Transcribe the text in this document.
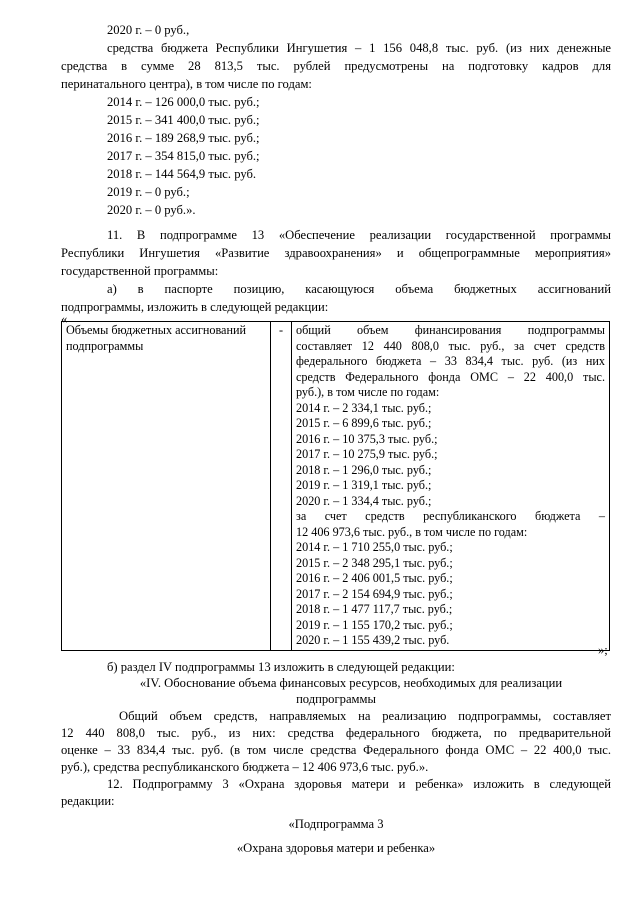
2020 г. – 0 руб.,
средства бюджета Республики Ингушетия – 1 156 048,8 тыс. руб. (из них денежные
средства в сумме 28 813,5 тыс. рублей предусмотрены на подготовку кадров для
перинатального центра), в том числе по годам:
2014 г. – 126 000,0 тыс. руб.;
2015 г. – 341 400,0 тыс. руб.;
2016 г. – 189 268,9 тыс. руб.;
2017 г. – 354 815,0 тыс. руб.;
2018 г. – 144 564,9 тыс. руб.
2019 г. – 0 руб.;
2020 г. – 0 руб.».
11. В подпрограмме 13 «Обеспечение реализации государственной программы
Республики Ингушетия «Развитие здравоохранения» и общепрограммные мероприятия»
государственной программы:
а) в паспорте позицию, касающуюся объема бюджетных ассигнований
подпрограммы, изложить в следующей редакции:
«
Объемы бюджетных ассигнований подпрограммы	-	общий объем финансирования подпрограммы
составляет 12 440 808,0 тыс. руб., за счет средств
федерального бюджета – 33 834,4 тыс. руб. (из них
средств Федерального фонда ОМС – 22 400,0 тыс.
руб.), в том числе по годам:
2014 г. – 2 334,1 тыс. руб.;
2015 г. – 6 899,6 тыс. руб.;
2016 г. – 10 375,3 тыс. руб.;
2017 г. – 10 275,9 тыс. руб.;
2018 г. – 1 296,0 тыс. руб.;
2019 г. – 1 319,1 тыс. руб.;
2020 г. – 1 334,4 тыс. руб.;
за счет средств республиканского бюджета –
12 406 973,6 тыс. руб., в том числе по годам:
2014 г. – 1 710 255,0 тыс. руб.;
2015 г. – 2 348 295,1 тыс. руб.;
2016 г. – 2 406 001,5 тыс. руб.;
2017 г. – 2 154 694,9 тыс. руб.;
2018 г. – 1 477 117,7 тыс. руб.;
2019 г. – 1 155 170,2 тыс. руб.;
2020 г. – 1 155 439,2 тыс. руб.
»;
б) раздел IV подпрограммы 13 изложить в следующей редакции:
«IV. Обоснование объема финансовых ресурсов, необходимых для реализации
подпрограммы
Общий объем средств, направляемых на реализацию подпрограммы, составляет
12 440 808,0 тыс. руб., из них: средства федерального бюджета, по предварительной
оценке – 33 834,4 тыс. руб. (в том числе средства Федерального фонда ОМС – 22 400,0 тыс.
руб.), средства республиканского бюджета – 12 406 973,6 тыс. руб.».
12. Подпрограмму 3 «Охрана здоровья матери и ребенка» изложить в следующей
редакции:
«Подпрограмма 3
«Охрана здоровья матери и ребенка»
